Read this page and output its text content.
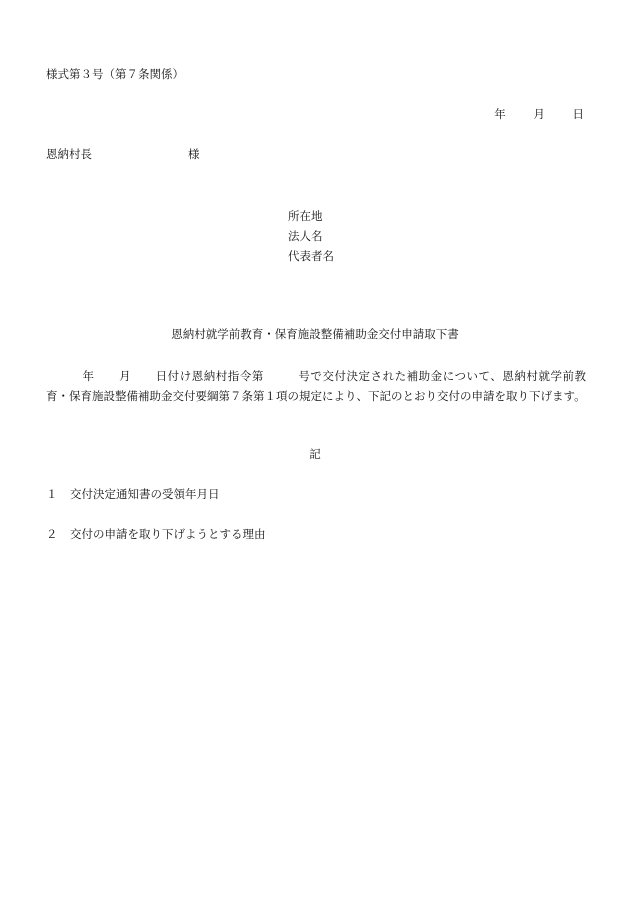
様式第３号（第７条関係）
年 月 日
恩納村長	様
所在地
法人名
代表者名
恩納村就学前教育・保育施設整備補助金交付申請取下書
年 月 日付け恩納村指令第	号で交付決定された補助金について、恩納村就学前教育・保育施設整備補助金交付要綱第７条第１項の規定により、下記のとおり交付の申請を取り下げます。
記
１ 交付決定通知書の受領年月日
２ 交付の申請を取り下げようとする理由
